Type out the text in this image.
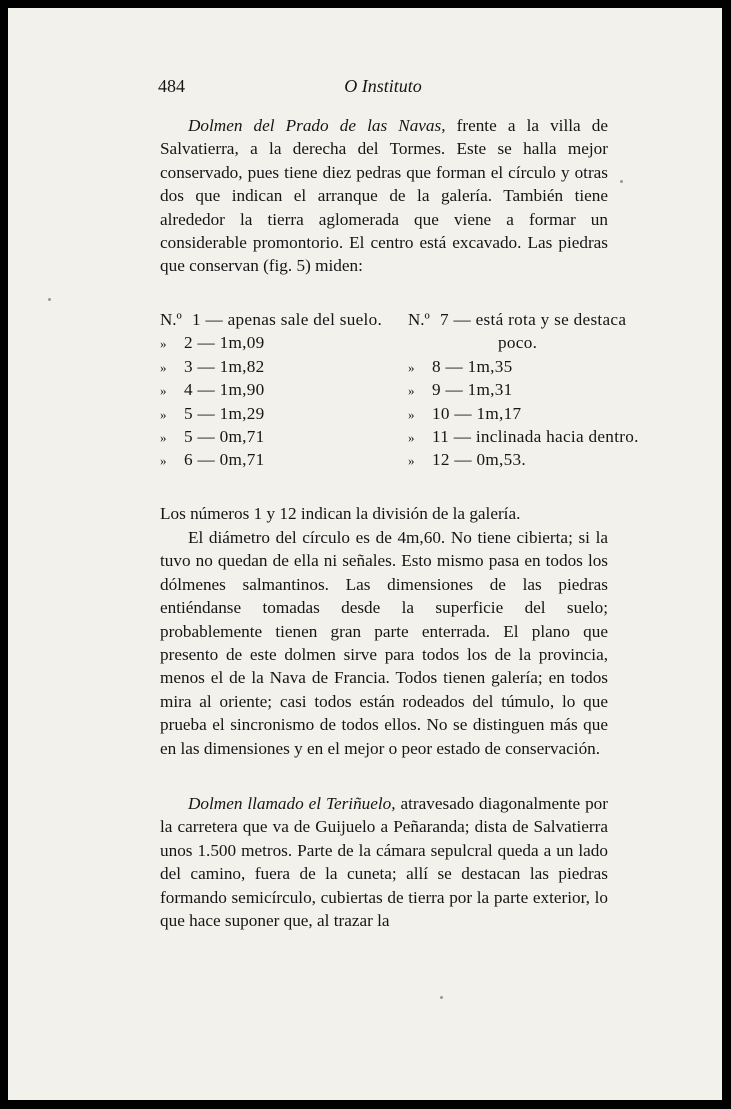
484	O Instituto
Dolmen del Prado de las Navas, frente a la villa de Salvatierra, a la derecha del Tormes. Este se halla mejor conservado, pues tiene diez pedras que forman el círculo y otras dos que indican el arranque de la galería. También tiene alrededor la tierra aglomerada que viene a formar un considerable promontorio. El centro está excavado. Las piedras que conservan (fig. 5) miden:
N.º 1 — apenas sale del suelo.
» 2 — 1m,09
» 3 — 1m,82
» 4 — 1m,90
» 5 — 1m,29
» 5 — 0m,71
» 6 — 0m,71
N.º 7 — está rota y se destaca
poco.
» 8 — 1m,35
» 9 — 1m,31
» 10 — 1m,17
» 11 — inclinada hacia dentro.
» 12 — 0m,53.
Los números 1 y 12 indican la división de la galería.
El diámetro del círculo es de 4m,60. No tiene cibierta; si la tuvo no quedan de ella ni señales. Esto mismo pasa en todos los dólmenes salmantinos. Las dimensiones de las piedras entiéndanse tomadas desde la superficie del suelo; probablemente tienen gran parte enterrada. El plano que presento de este dolmen sirve para todos los de la provincia, menos el de la Nava de Francia. Todos tienen galería; en todos mira al oriente; casi todos están rodeados del túmulo, lo que prueba el sincronismo de todos ellos. No se distinguen más que en las dimensiones y en el mejor o peor estado de conservación.
Dolmen llamado el Teriñuelo, atravesado diagonalmente por la carretera que va de Guijuelo a Peñaranda; dista de Salvatierra unos 1.500 metros. Parte de la cámara sepulcral queda a un lado del camino, fuera de la cuneta; allí se destacan las piedras formando semicírculo, cubiertas de tierra por la parte exterior, lo que hace suponer que, al trazar la
